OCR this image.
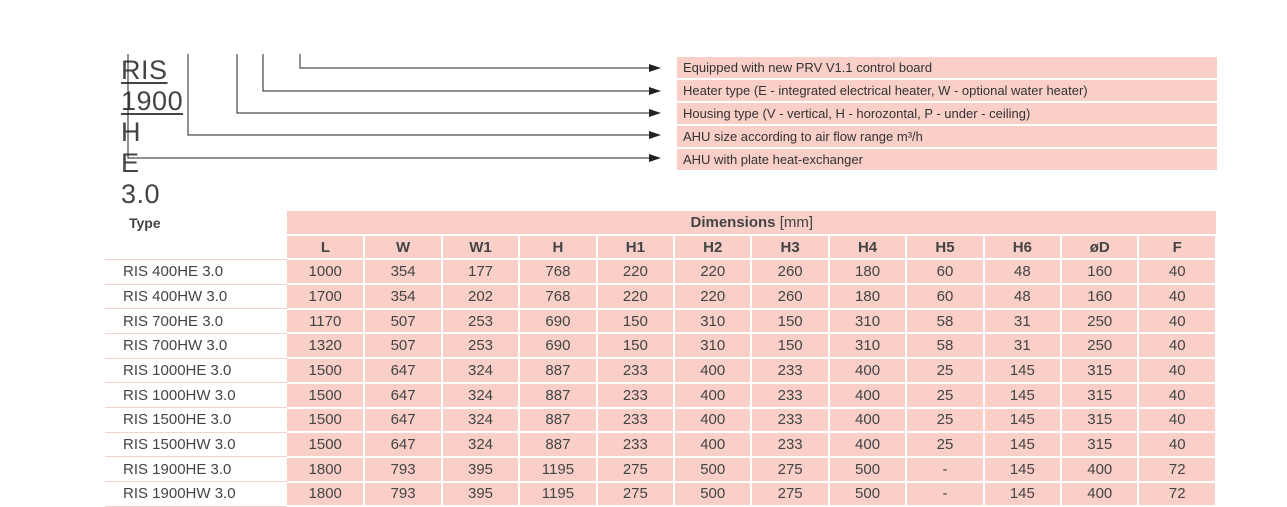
RIS
1900
H
E
3.0

Equipped with new PRV V1.1 control board
Heater type (E - integrated electrical heater, W - optional water heater)
Housing type (V - vertical, H - horozontal, P - under - ceiling)
AHU size according to air flow range m³/h
AHU with plate heat-exchanger
Type	Dimensions [mm]											
	L	W	W1	H	H1	H2	H3	H4	H5	H6	øD	F
RIS 400HE 3.0	1000	354	177	768	220	220	260	180	60	48	160	40
RIS 400HW 3.0	1700	354	202	768	220	220	260	180	60	48	160	40
RIS 700HE 3.0	1170	507	253	690	150	310	150	310	58	31	250	40
RIS 700HW 3.0	1320	507	253	690	150	310	150	310	58	31	250	40
RIS 1000HE 3.0	1500	647	324	887	233	400	233	400	25	145	315	40
RIS 1000HW 3.0	1500	647	324	887	233	400	233	400	25	145	315	40
RIS 1500HE 3.0	1500	647	324	887	233	400	233	400	25	145	315	40
RIS 1500HW 3.0	1500	647	324	887	233	400	233	400	25	145	315	40
RIS 1900HE 3.0	1800	793	395	1195	275	500	275	500	-	145	400	72
RIS 1900HW 3.0	1800	793	395	1195	275	500	275	500	-	145	400	72
